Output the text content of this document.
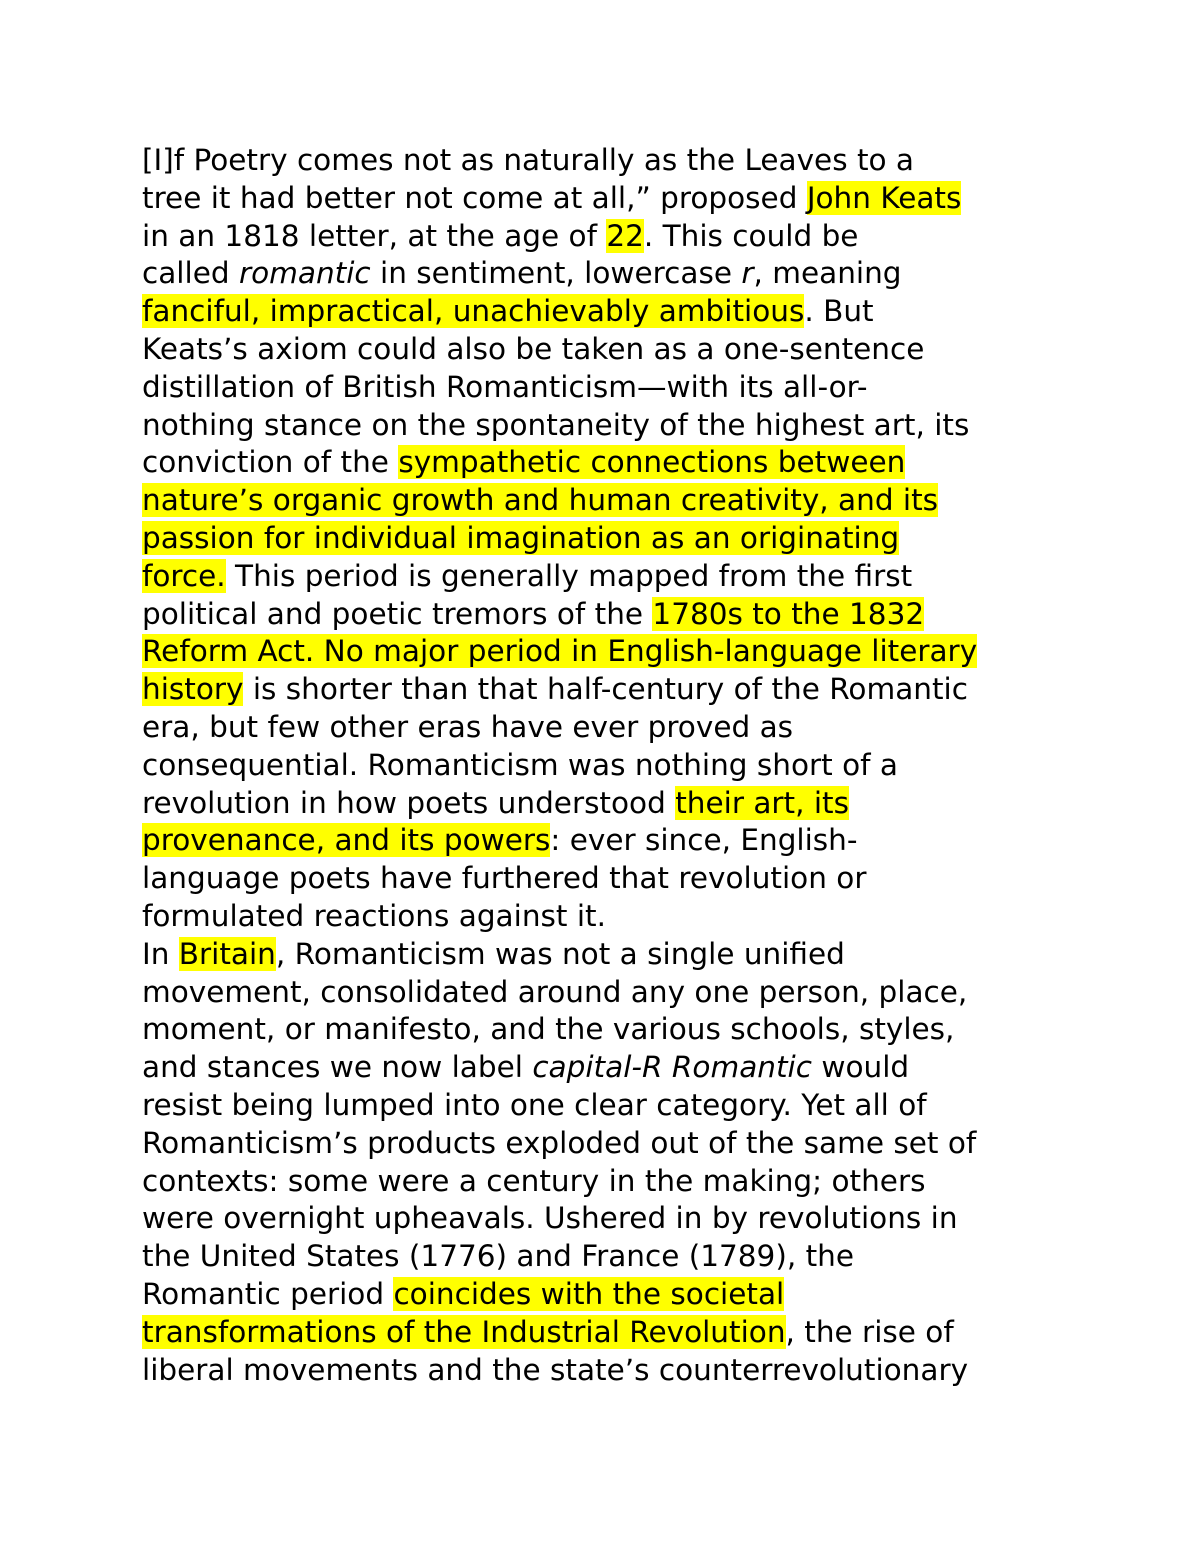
[I]f Poetry comes not as naturally as the Leaves to a
tree it had better not come at all,” proposed John Keats
in an 1818 letter, at the age of 22. This could be
called romantic in sentiment, lowercase r, meaning
fanciful, impractical, unachievably ambitious. But
Keats’s axiom could also be taken as a one-sentence
distillation of British Romanticism—with its all-or-
nothing stance on the spontaneity of the highest art, its
conviction of the sympathetic connections between
nature’s organic growth and human creativity, and its
passion for individual imagination as an originating
force. This period is generally mapped from the first
political and poetic tremors of the 1780s to the 1832
Reform Act. No major period in English-language literary
history is shorter than that half-century of the Romantic
era, but few other eras have ever proved as
consequential. Romanticism was nothing short of a
revolution in how poets understood their art, its
provenance, and its powers: ever since, English-
language poets have furthered that revolution or
formulated reactions against it.
In Britain, Romanticism was not a single unified
movement, consolidated around any one person, place,
moment, or manifesto, and the various schools, styles,
and stances we now label capital-R Romantic would
resist being lumped into one clear category. Yet all of
Romanticism’s products exploded out of the same set of
contexts: some were a century in the making; others
were overnight upheavals. Ushered in by revolutions in
the United States (1776) and France (1789), the
Romantic period coincides with the societal
transformations of the Industrial Revolution, the rise of
liberal movements and the state’s counterrevolutionary
